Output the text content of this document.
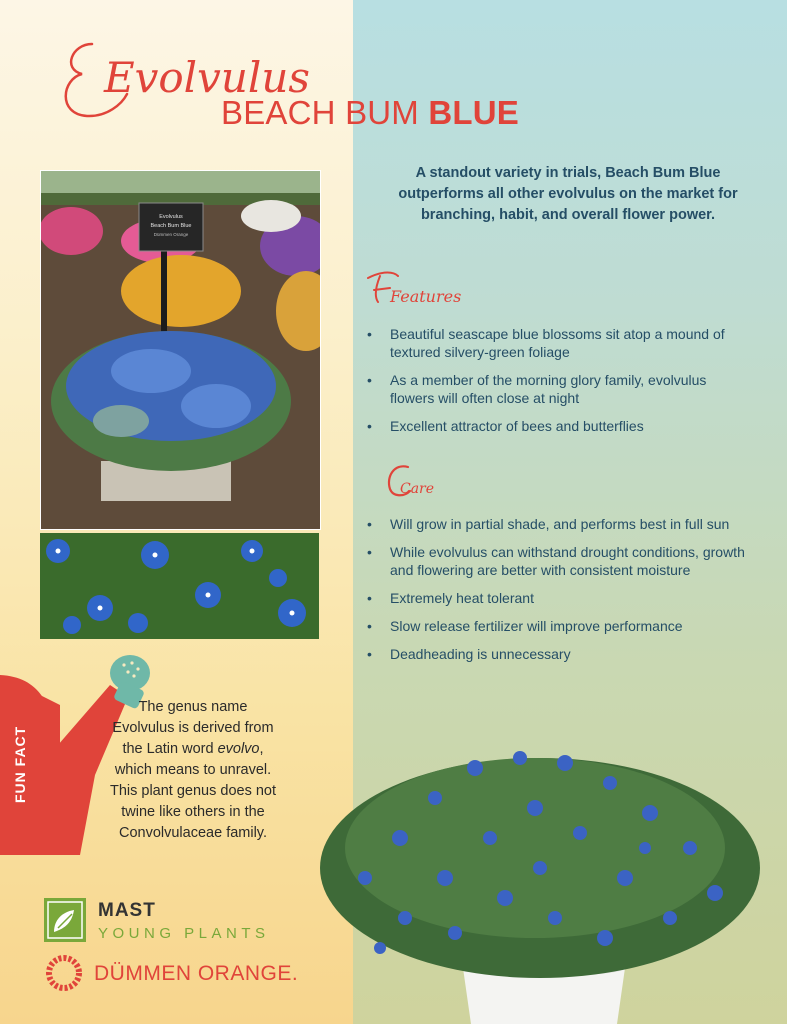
Evolvulus
BEACH BUM BLUE
A standout variety in trials, Beach Bum Blue outperforms all other evolvulus on the market for branching, habit, and overall flower power.
Evolvulus
Beach Bum Blue
Dümmen Orange
Features
• Beautiful seascape blue blossoms sit atop a mound of textured silvery-green foliage
• As a member of the morning glory family, evolvulus flowers will often close at night
• Excellent attractor of bees and butterflies
Care
• Will grow in partial shade, and performs best in full sun
• While evolvulus can withstand drought conditions, growth and flowering are better with consistent moisture
• Extremely heat tolerant
• Slow release fertilizer will improve performance
• Deadheading is unnecessary
FUN FACT
The genus name
Evolvulus is derived from
the Latin word evolvo,
which means to unravel.
This plant genus does not
twine like others in the
Convolvulaceae family.
MAST
YOUNG PLANTS
DÜMMEN ORANGE.
